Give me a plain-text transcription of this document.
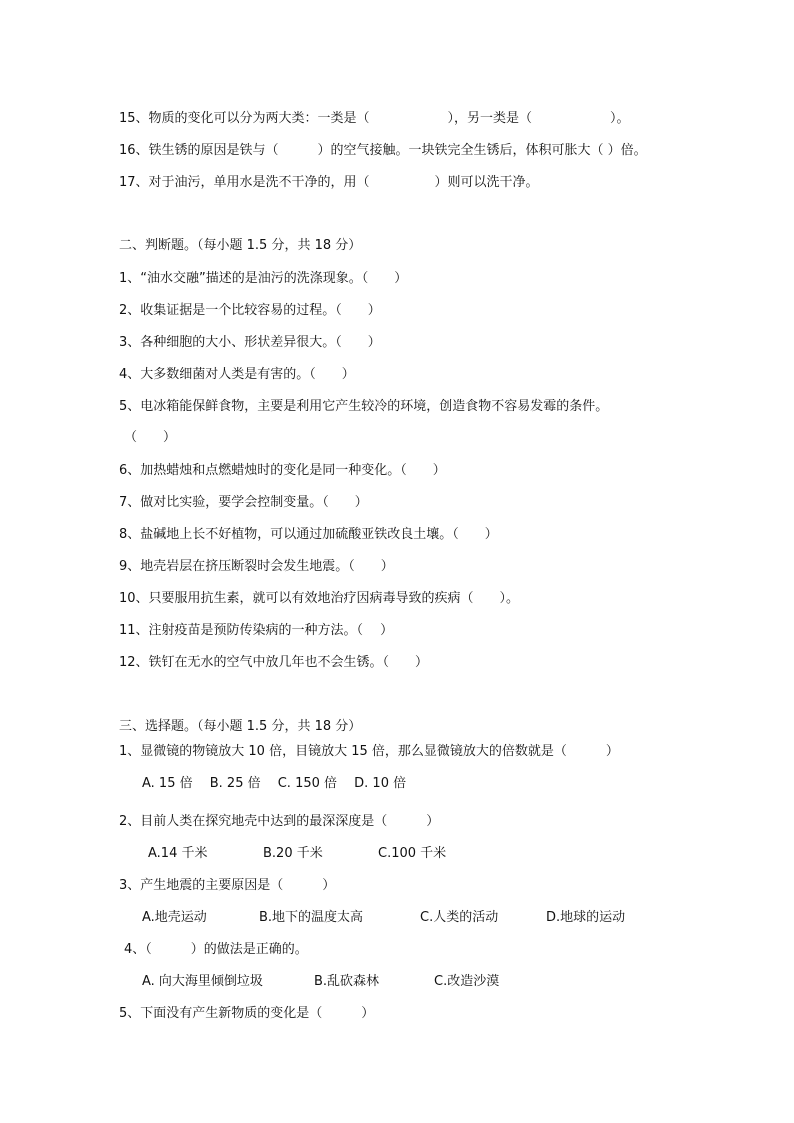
15、物质的变化可以分为两大类：一类是（　　　　　　），另一类是（　　　　　　）。
16、铁生锈的原因是铁与（　　　）的空气接触。一块铁完全生锈后，体积可胀大（ ）倍。
17、对于油污，单用水是洗不干净的，用（　　　　　）则可以洗干净。
二、判断题。（每小题 1.5 分，共 18 分）
1、“油水交融”描述的是油污的洗涤现象。（　　）
2、收集证据是一个比较容易的过程。（　　）
3、各种细胞的大小、形状差异很大。（　　）
4、大多数细菌对人类是有害的。（　　）
5、电冰箱能保鲜食物，主要是利用它产生较冷的环境，创造食物不容易发霉的条件。
（　　）
6、加热蜡烛和点燃蜡烛时的变化是同一种变化。（　　）
7、做对比实验，要学会控制变量。（　　）
8、盐碱地上长不好植物，可以通过加硫酸亚铁改良土壤。（　　）
9、地壳岩层在挤压断裂时会发生地震。（　　）
10、只要服用抗生素，就可以有效地治疗因病毒导致的疾病（　　）。
11、注射疫苗是预防传染病的一种方法。（　 ）
12、铁钉在无水的空气中放几年也不会生锈。（　　）
三、选择题。（每小题 1.5 分，共 18 分）
1、显微镜的物镜放大 10 倍，目镜放大 15 倍，那么显微镜放大的倍数就是（　　　）
A. 15 倍　 B. 25 倍　 C. 150 倍　 D. 10 倍
2、目前人类在探究地壳中达到的最深深度是（　　　）
A.14 千米	B.20 千米	C.100 千米
3、产生地震的主要原因是（　　　）
A.地壳运动	B.地下的温度太高	C.人类的活动	D.地球的运动
4、（　　　）的做法是正确的。
A. 向大海里倾倒垃圾	B.乱砍森林	C.改造沙漠
5、下面没有产生新物质的变化是（　　　）
